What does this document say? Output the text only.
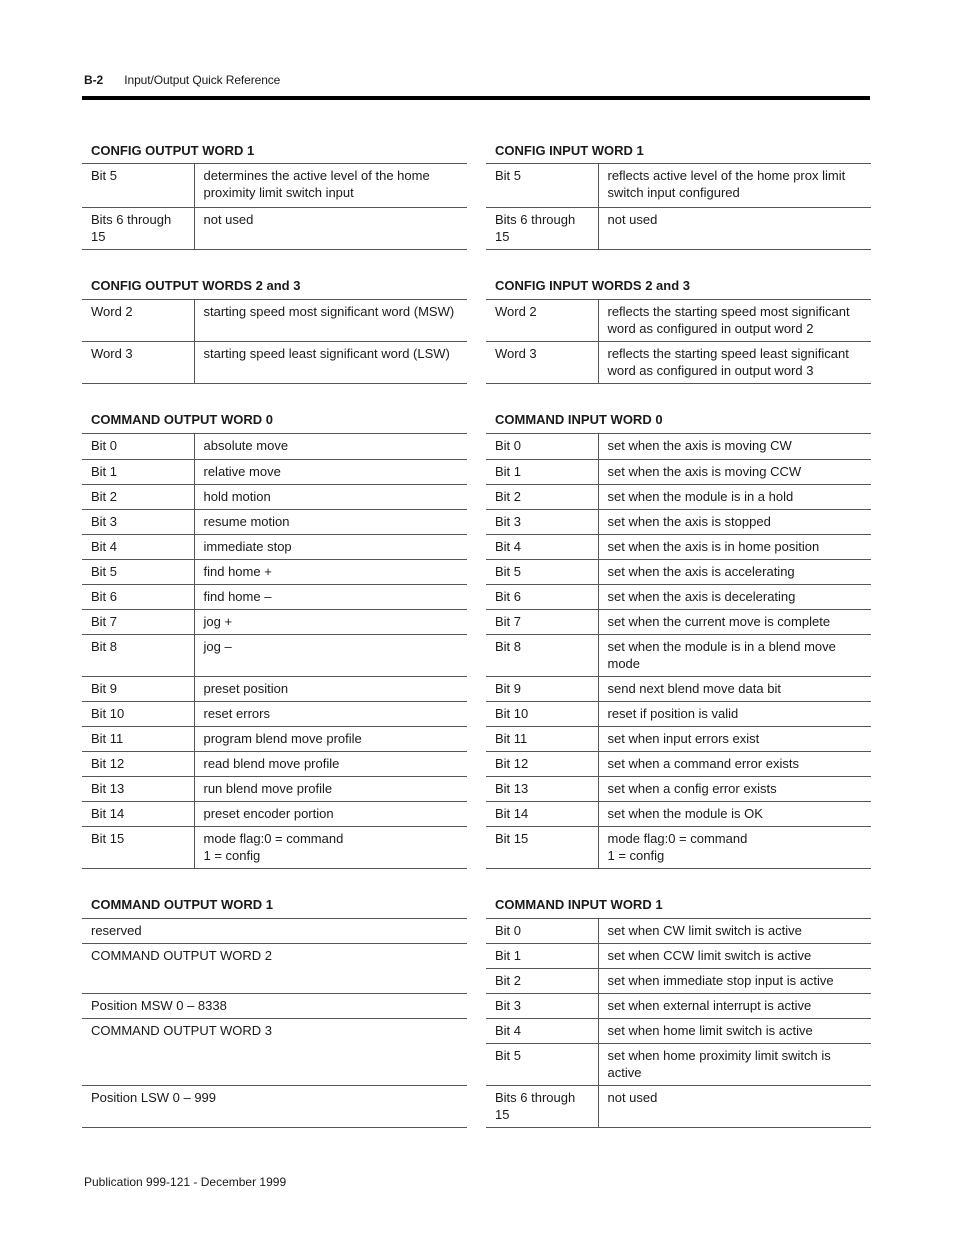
B-2 Input/Output Quick Reference
CONFIG OUTPUT WORD 1
Bit 5	determines the active level of the home proximity limit switch input
Bits 6 through 15	not used
CONFIG OUTPUT WORDS 2 and 3
Word 2	starting speed most significant word (MSW)
Word 3	starting speed least significant word (LSW)
COMMAND OUTPUT WORD 0
Bit 0	absolute move
Bit 1	relative move
Bit 2	hold motion
Bit 3	resume motion
Bit 4	immediate stop
Bit 5	find home +
Bit 6	find home –
Bit 7	jog +
Bit 8	jog –
Bit 9	preset position
Bit 10	reset errors
Bit 11	program blend move profile
Bit 12	read blend move profile
Bit 13	run blend move profile
Bit 14	preset encoder portion
Bit 15	mode flag:0 = command
1 = config
COMMAND OUTPUT WORD 1
reserved
COMMAND OUTPUT WORD 2
Position MSW 0 – 8338
COMMAND OUTPUT WORD 3
Position LSW 0 – 999
CONFIG INPUT WORD 1
Bit 5	reflects active level of the home prox limit switch input configured
Bits 6 through 15	not used
CONFIG INPUT WORDS 2 and 3
Word 2	reflects the starting speed most significant word as configured in output word 2
Word 3	reflects the starting speed least significant word as configured in output word 3
COMMAND INPUT WORD 0
Bit 0	set when the axis is moving CW
Bit 1	set when the axis is moving CCW
Bit 2	set when the module is in a hold
Bit 3	set when the axis is stopped
Bit 4	set when the axis is in home position
Bit 5	set when the axis is accelerating
Bit 6	set when the axis is decelerating
Bit 7	set when the current move is complete
Bit 8	set when the module is in a blend move mode
Bit 9	send next blend move data bit
Bit 10	reset if position is valid
Bit 11	set when input errors exist
Bit 12	set when a command error exists
Bit 13	set when a config error exists
Bit 14	set when the module is OK
Bit 15	mode flag:0 = command
1 = config
COMMAND INPUT WORD 1
Bit 0	set when CW limit switch is active
Bit 1	set when CCW limit switch is active
Bit 2	set when immediate stop input is active
Bit 3	set when external interrupt is active
Bit 4	set when home limit switch is active
Bit 5	set when home proximity limit switch is active
Bits 6 through 15	not used
Publication 999-121 - December 1999
